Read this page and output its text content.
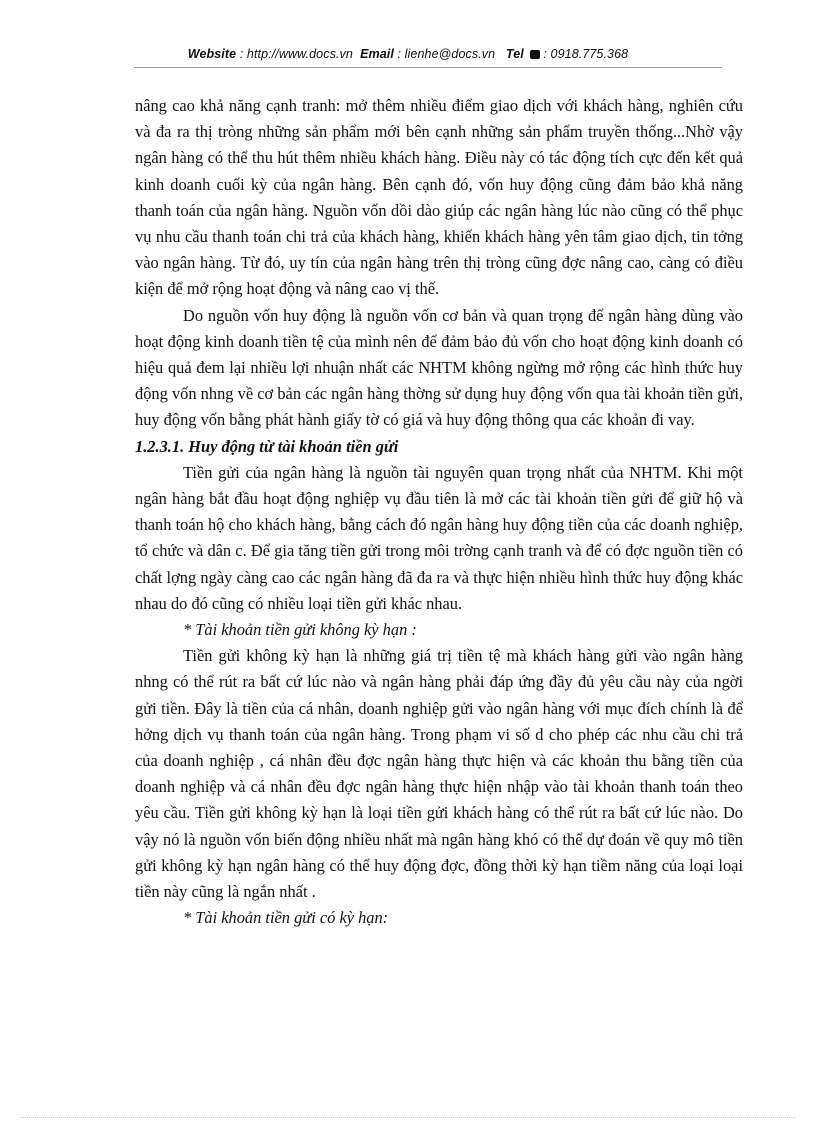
Website : http://www.docs.vn Email : lienhe@docs.vn Tel : 0918.775.368

nâng cao khả năng cạnh tranh: mở thêm nhiều điểm giao dịch với khách hàng, nghiên cứu và đa ra thị tròng những sản phẩm mới bên cạnh những sản phẩm truyền thống...Nhờ vậy ngân hàng có thể thu hút thêm nhiều khách hàng. Điều này có tác động tích cực đến kết quả kinh doanh cuối kỳ của ngân hàng. Bên cạnh đó, vốn huy động cũng đảm bảo khả năng thanh toán của ngân hàng. Nguồn vốn dồi dào giúp các ngân hàng lúc nào cũng có thể phục vụ nhu cầu thanh toán chi trả của khách hàng, khiến khách hàng yên tâm giao dịch, tin tởng vào ngân hàng. Từ đó, uy tín của ngân hàng trên thị tròng cũng đợc nâng cao, càng có điều kiện để mở rộng hoạt động và nâng cao vị thế.

Do nguồn vốn huy động là nguồn vốn cơ bản và quan trọng để ngân hàng dùng vào hoạt động kinh doanh tiền tệ của mình nên để đảm bảo đủ vốn cho hoạt động kinh doanh có hiệu quả đem lại nhiều lợi nhuận nhất các NHTM không ngừng mở rộng các hình thức huy động vốn nhng về cơ bản các ngân hàng thờng sử dụng huy động vốn qua tài khoản tiền gửi, huy động vốn bằng phát hành giấy tờ có giá và huy động thông qua các khoản đi vay.

1.2.3.1. Huy động từ tài khoản tiền gửi

Tiền gửi của ngân hàng là nguồn tài nguyên quan trọng nhất của NHTM. Khi một ngân hàng bắt đầu hoạt động nghiệp vụ đầu tiên là mở các tài khoản tiền gửi để giữ hộ và thanh toán hộ cho khách hàng, bằng cách đó ngân hàng huy động tiền của các doanh nghiệp, tổ chức và dân c. Để gia tăng tiền gửi trong môi trờng cạnh tranh và để có đợc nguồn tiền có chất lợng ngày càng cao các ngân hàng đã đa ra và thực hiện nhiều hình thức huy động khác nhau do đó cũng có nhiều loại tiền gửi khác nhau.

* Tài khoản tiền gửi không kỳ hạn :

Tiền gửi không kỳ hạn là những giá trị tiền tệ mà khách hàng gửi vào ngân hàng nhng có thể rút ra bất cứ lúc nào và ngân hàng phải đáp ứng đầy đủ yêu cầu này của ngời gửi tiền. Đây là tiền của cá nhân, doanh nghiệp gửi vào ngân hàng với mục đích chính là để hởng dịch vụ thanh toán của ngân hàng. Trong phạm vi số d cho phép các nhu cầu chi trả của doanh nghiệp , cá nhân đều đợc ngân hàng thực hiện và các khoản thu bằng tiền của doanh nghiệp và cá nhân đều đợc ngân hàng thực hiện nhập vào tài khoản thanh toán theo yêu cầu. Tiền gửi không kỳ hạn là loại tiền gửi khách hàng có thể rút ra bất cứ lúc nào. Do vậy nó là nguồn vốn biến động nhiều nhất mà ngân hàng khó có thể dự đoán về quy mô tiền gửi không kỳ hạn ngân hàng có thể huy động đợc, đồng thời kỳ hạn tiềm năng của loại loại tiền này cũng là ngắn nhất .

* Tài khoản tiền gửi có kỳ hạn:
